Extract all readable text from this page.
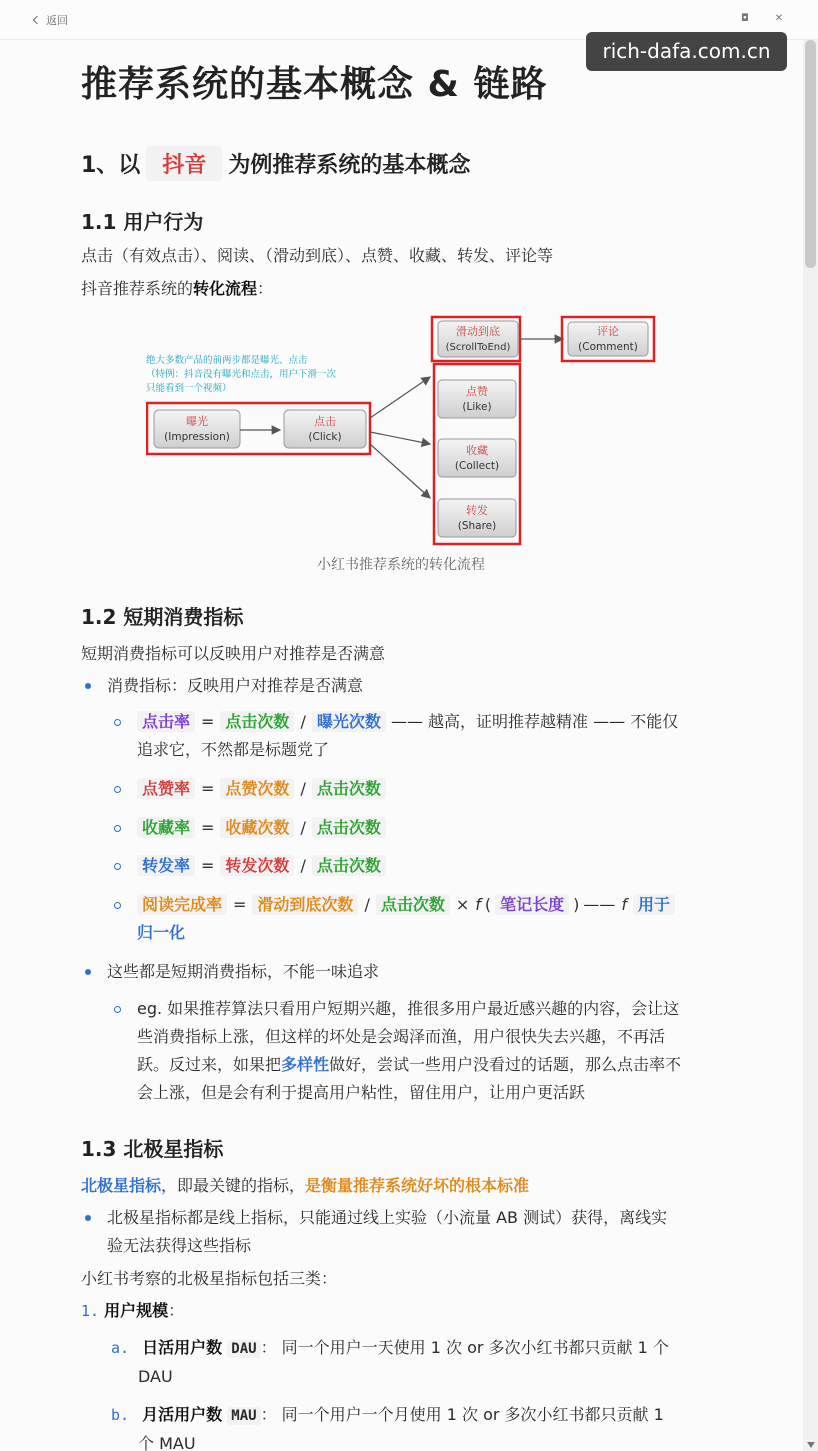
返回	◘	✕
推荐系统的基本概念 & 链路
1、以	抖音	为例推荐系统的基本概念
1.1 用户行为
点击（有效点击）、阅读、（滑动到底）、点赞、收藏、转发、评论等
抖音推荐系统的转化流程：
1.2 短期消费指标
短期消费指标可以反映用户对推荐是否满意
消费指标：反映用户对推荐是否满意
点击率 = 点击次数 / 曝光次数 —— 越高，证明推荐越精准 —— 不能仅
追求它，不然都是标题党了
点赞率 = 点赞次数 / 点击次数
收藏率 = 收藏次数 / 点击次数
转发率 = 转发次数 / 点击次数
阅读完成率 = 滑动到底次数 / 点击次数 × f ( 笔记长度 ) —— f 用于
归一化
这些都是短期消费指标，不能一味追求
eg. 如果推荐算法只看用户短期兴趣，推很多用户最近感兴趣的内容，会让这
些消费指标上涨，但这样的坏处是会竭泽而渔，用户很快失去兴趣，不再活
跃。反过来，如果把多样性做好，尝试一些用户没看过的话题，那么点击率不
会上涨，但是会有利于提高用户粘性，留住用户，让用户更活跃
1.3 北极星指标
北极星指标，即最关键的指标，是衡量推荐系统好坏的根本标准
北极星指标都是线上指标，只能通过线上实验（小流量 AB 测试）获得，离线实
验无法获得这些指标
小红书考察的北极星指标包括三类：
1. 用户规模：
a. 日活用户数 DAU ： 同一个用户一天使用 1 次 or 多次小红书都只贡献 1 个
DAU
b. 月活用户数 MAU ： 同一个用户一个月使用 1 次 or 多次小红书都只贡献 1
个 MAU
绝大多数产品的前两步都是曝光、点击
（特例：抖音没有曝光和点击，用户下滑一次
只能看到一个视频）
曝光
(Impression)
点击
(Click)
滑动到底
(ScrollToEnd)
评论
(Comment)
点赞
(Like)
收藏
(Collect)
转发
(Share)
小红书推荐系统的转化流程
rich-dafa.com.cn
